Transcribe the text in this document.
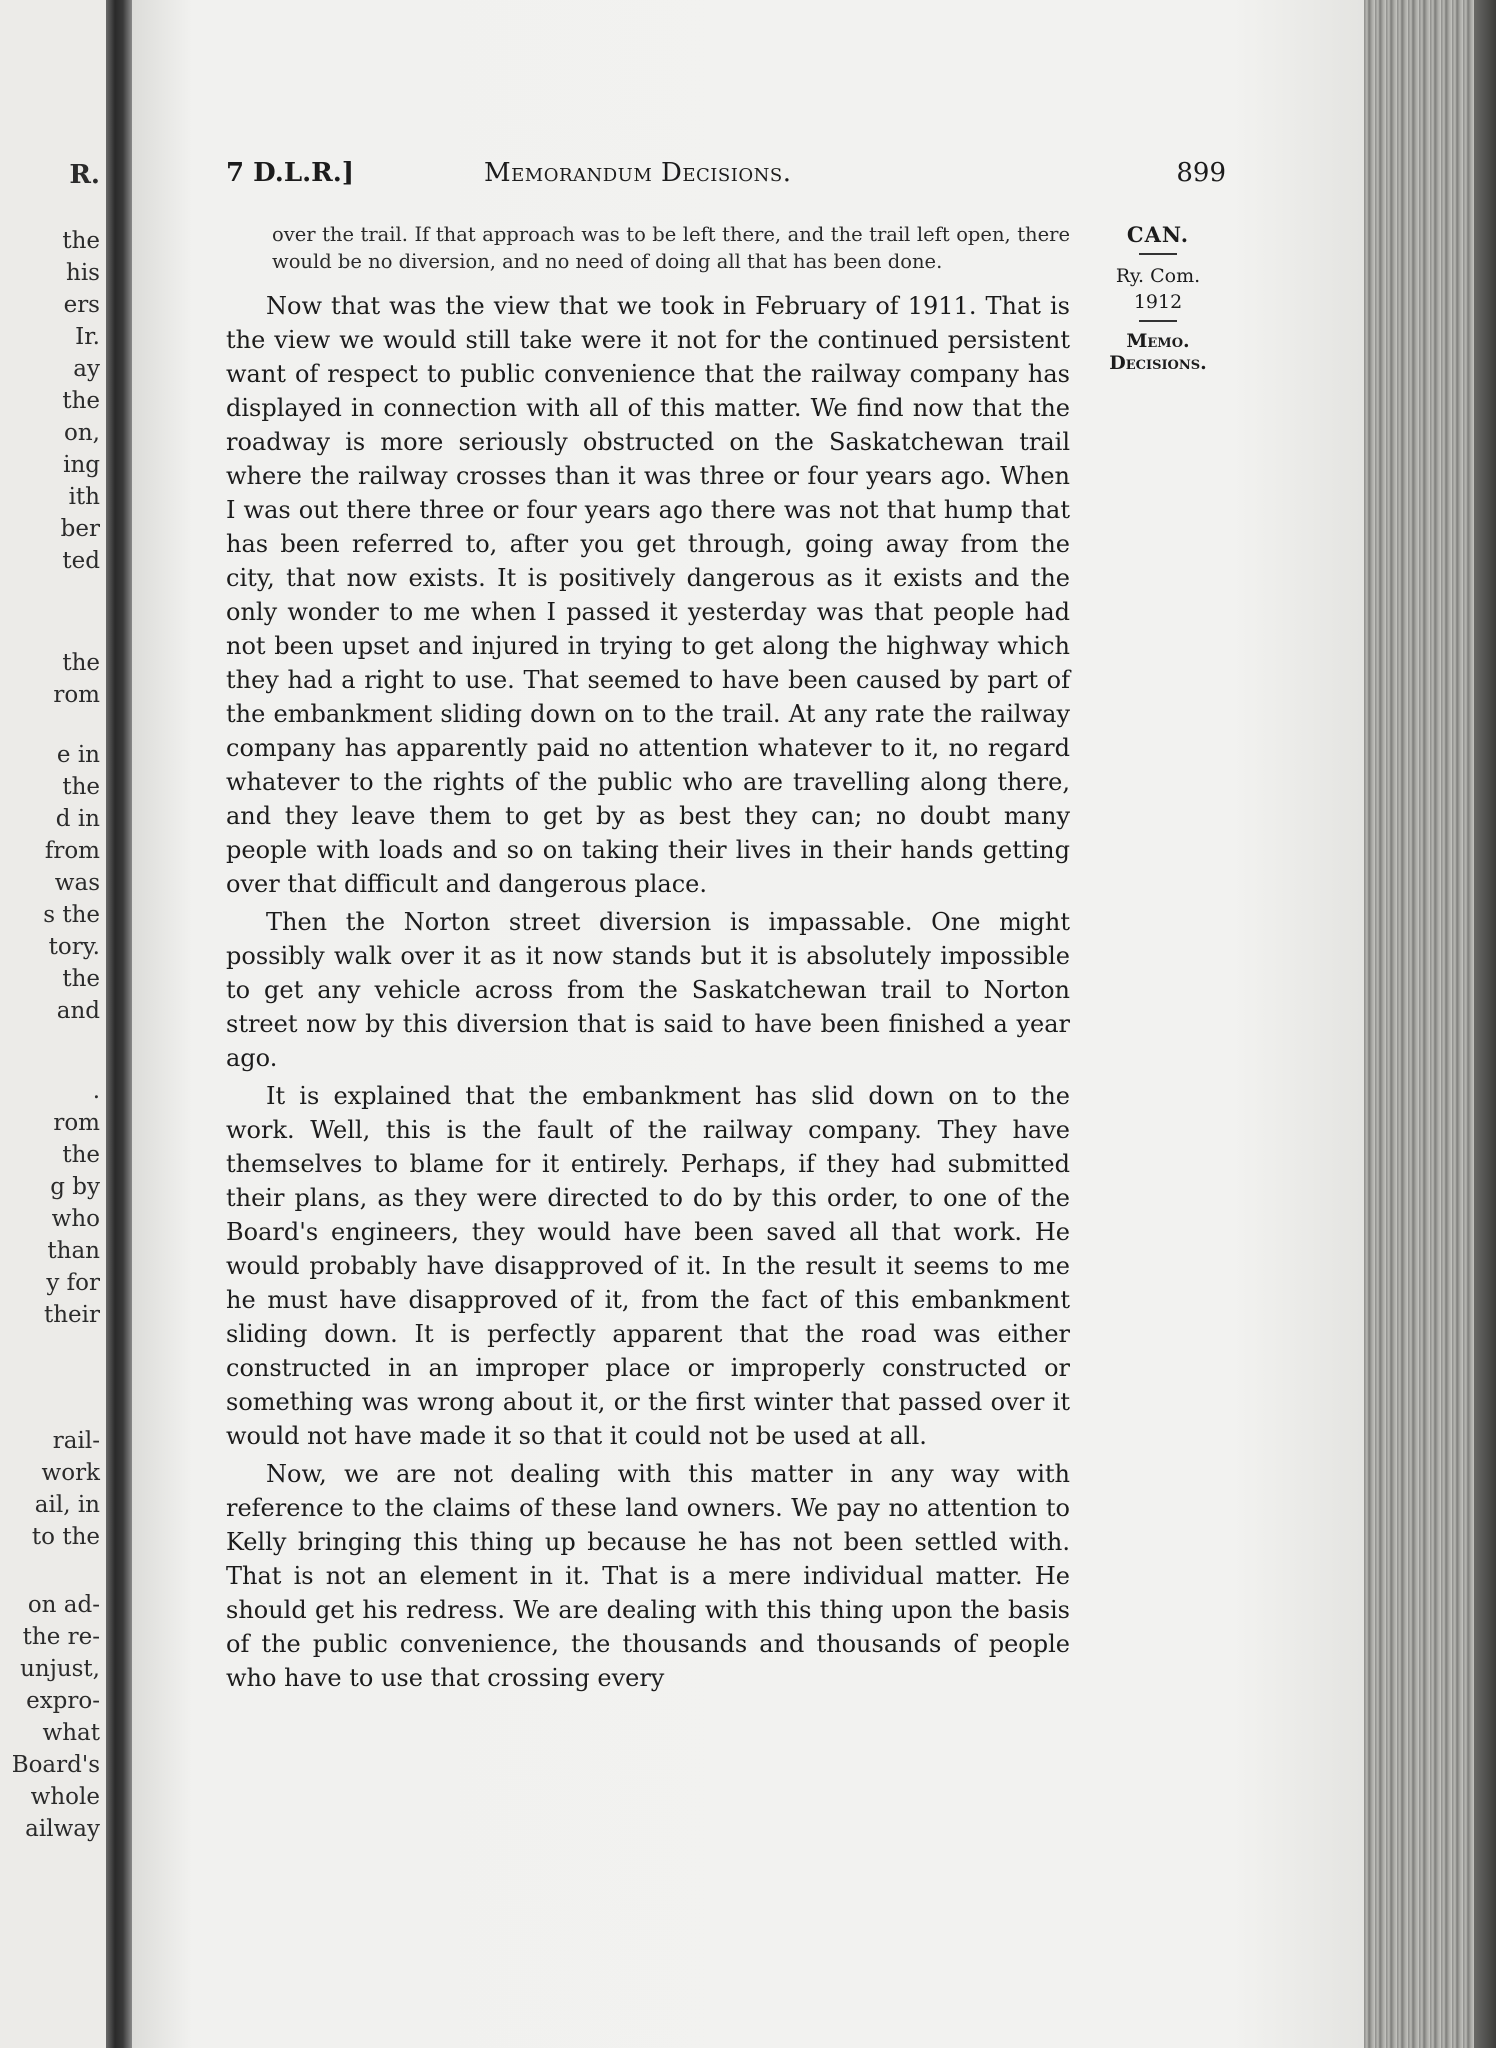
R.
the
his
ers
Ir.
ay
the
on,
ing
ith
ber
ted
the
rom
e in
the
d in
from
was
s the
tory.
the
and
.
rom
the
g by
who
than
y for
their
rail-
work
ail, in
to the
on ad-
the re-
unjust,
expro-
what
Board's
whole
ailway
7 D.L.R.]	Memorandum Decisions.	899
CAN.
Ry. Com.
1912
Memo.
Decisions.
over the trail. If that approach was to be left there, and the trail left open, there would be no diversion, and no need of doing all that has been done.

Now that was the view that we took in February of 1911. That is the view we would still take were it not for the continued persistent want of respect to public convenience that the railway company has displayed in connection with all of this matter. We find now that the roadway is more seriously obstructed on the Saskatchewan trail where the railway crosses than it was three or four years ago. When I was out there three or four years ago there was not that hump that has been referred to, after you get through, going away from the city, that now exists. It is positively dangerous as it exists and the only wonder to me when I passed it yesterday was that people had not been upset and injured in trying to get along the highway which they had a right to use. That seemed to have been caused by part of the embankment sliding down on to the trail. At any rate the railway company has apparently paid no attention whatever to it, no regard whatever to the rights of the public who are travelling along there, and they leave them to get by as best they can; no doubt many people with loads and so on taking their lives in their hands getting over that difficult and dangerous place.

Then the Norton street diversion is impassable. One might possibly walk over it as it now stands but it is absolutely impossible to get any vehicle across from the Saskatchewan trail to Norton street now by this diversion that is said to have been finished a year ago.

It is explained that the embankment has slid down on to the work. Well, this is the fault of the railway company. They have themselves to blame for it entirely. Perhaps, if they had submitted their plans, as they were directed to do by this order, to one of the Board's engineers, they would have been saved all that work. He would probably have disapproved of it. In the result it seems to me he must have disapproved of it, from the fact of this embankment sliding down. It is perfectly apparent that the road was either constructed in an improper place or improperly constructed or something was wrong about it, or the first winter that passed over it would not have made it so that it could not be used at all.

Now, we are not dealing with this matter in any way with reference to the claims of these land owners. We pay no attention to Kelly bringing this thing up because he has not been settled with. That is not an element in it. That is a mere individual matter. He should get his redress. We are dealing with this thing upon the basis of the public convenience, the thousands and thousands of people who have to use that crossing every
